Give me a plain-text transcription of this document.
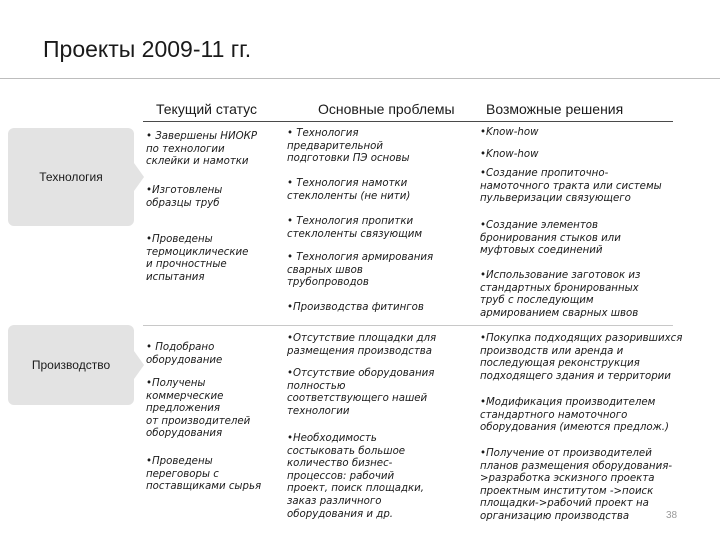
Проекты 2009-11 гг.
Текущий статус	Основные проблемы Возможные решения
Технология
Производство
• Завершены НИОКР
по технологии
склейки и намотки
•Изготовлены
образцы труб
•Проведены
термоциклические
и прочностные
испытания
• Технология
предварительной
подготовки ПЭ основы
• Технология намотки
стеклоленты (не нити)
• Технология пропитки
стеклоленты связующим
• Технология армирования
сварных швов
трубопроводов
•Производства фитингов
•Know-how
•Know-how
•Создание пропиточно-
намоточного тракта или системы
пульверизации связующего
•Создание элементов
бронирования стыков или
муфтовых соединений
•Использование заготовок из
стандартных бронированных
труб с последующим
армированием сварных швов
• Подобрано
оборудование
•Получены
коммерческие
предложения
от производителей
оборудования
•Проведены
переговоры с
поставщиками сырья
•Отсутствие площадки для
размещения производства
•Отсутствие оборудования
полностью
соответствующего нашей
технологии
•Необходимость
состыковать большое
количество бизнес-
процессов: рабочий
проект, поиск площадки,
заказ различного
оборудования и др.
•Покупка подходящих разорившихся
производств или аренда и
последующая реконструкция
подходящего здания и территории
•Модификация производителем
стандартного намоточного
оборудования (имеются предлож.)
•Получение от производителей
планов размещения оборудования-
>разработка эскизного проекта
проектным институтом ->поиск
площадки->рабочий проект на
организацию производства	38
